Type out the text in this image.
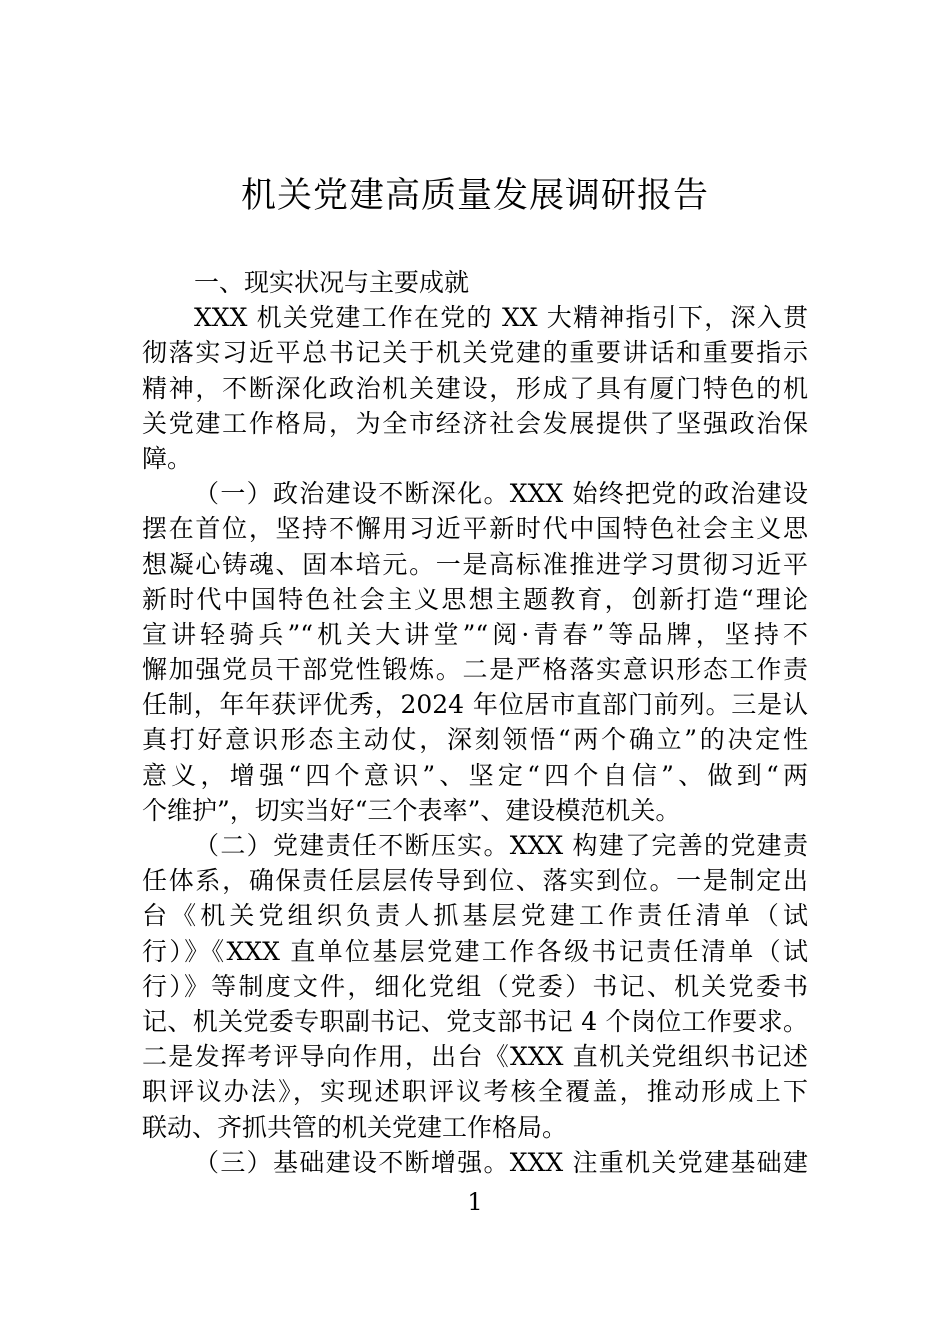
机关党建高质量发展调研报告
一、现实状况与主要成就
XXX 机关党建工作在党的 XX 大精神指引下，深入贯
彻落实习近平总书记关于机关党建的重要讲话和重要指示
精神，不断深化政治机关建设，形成了具有厦门特色的机
关党建工作格局，为全市经济社会发展提供了坚强政治保
障。
（一）政治建设不断深化。XXX 始终把党的政治建设
摆在首位，坚持不懈用习近平新时代中国特色社会主义思
想凝心铸魂、固本培元。一是高标准推进学习贯彻习近平
新时代中国特色社会主义思想主题教育，创新打造“理论
宣讲轻骑兵”“机关大讲堂”“阅·青春”等品牌，坚持不
懈加强党员干部党性锻炼。二是严格落实意识形态工作责
任制，年年获评优秀，2024 年位居市直部门前列。三是认
真打好意识形态主动仗，深刻领悟“两个确立”的决定性
意义，增强“四个意识”、坚定“四个自信”、做到“两
个维护”，切实当好“三个表率”、建设模范机关。
（二）党建责任不断压实。XXX 构建了完善的党建责
任体系，确保责任层层传导到位、落实到位。一是制定出
台《机关党组织负责人抓基层党建工作责任清单（试
行）》《XXX 直单位基层党建工作各级书记责任清单（试
行）》等制度文件，细化党组（党委）书记、机关党委书
记、机关党委专职副书记、党支部书记 4 个岗位工作要求。
二是发挥考评导向作用，出台《XXX 直机关党组织书记述
职评议办法》，实现述职评议考核全覆盖，推动形成上下
联动、齐抓共管的机关党建工作格局。
（三）基础建设不断增强。XXX 注重机关党建基础建
1
